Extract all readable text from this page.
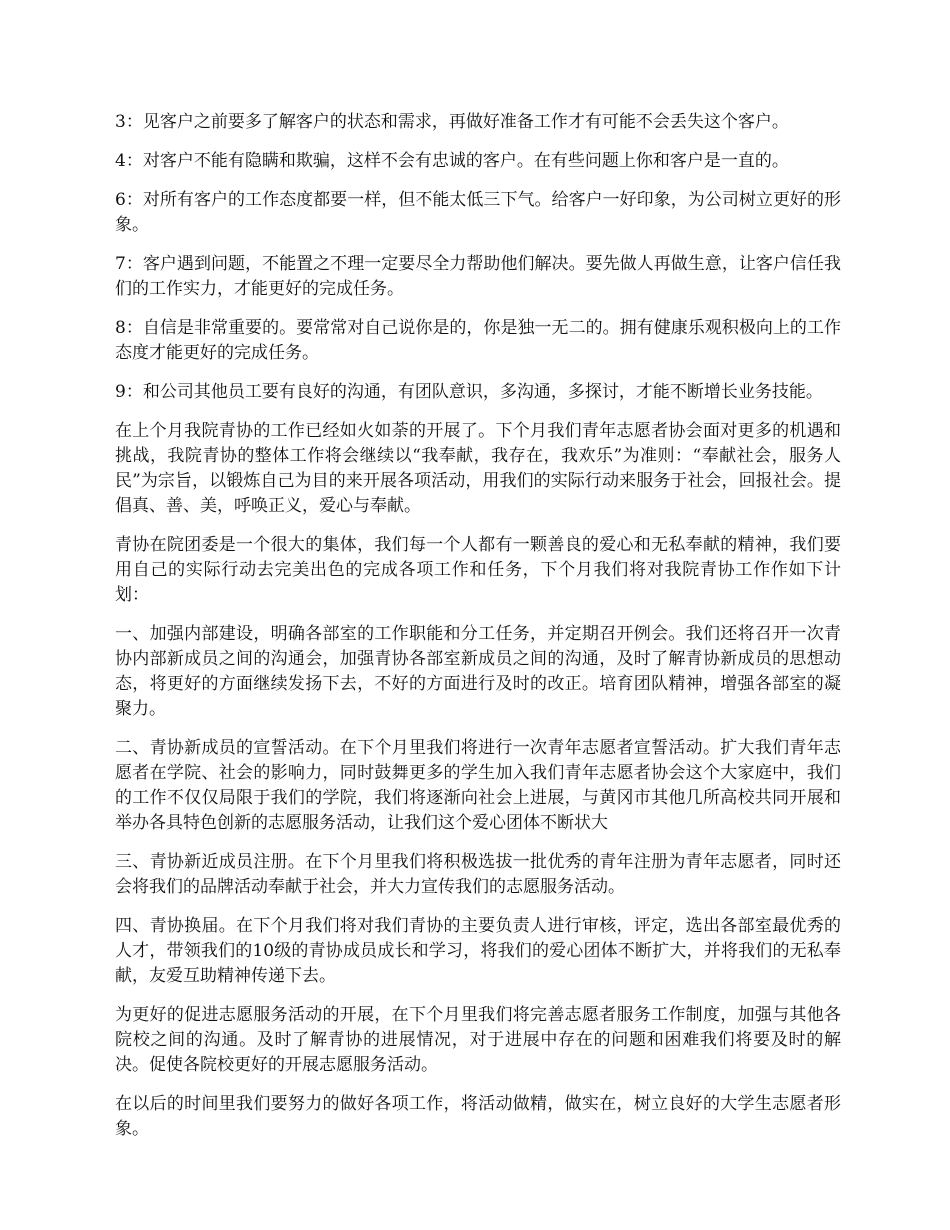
3：见客户之前要多了解客户的状态和需求，再做好准备工作才有可能不会丢失这个客户。

4：对客户不能有隐瞒和欺骗，这样不会有忠诚的客户。在有些问题上你和客户是一直的。

6：对所有客户的工作态度都要一样，但不能太低三下气。给客户一好印象，为公司树立更好的形象。

7：客户遇到问题，不能置之不理一定要尽全力帮助他们解决。要先做人再做生意，让客户信任我们的工作实力，才能更好的完成任务。

8：自信是非常重要的。要常常对自己说你是的，你是独一无二的。拥有健康乐观积极向上的工作态度才能更好的完成任务。

9：和公司其他员工要有良好的沟通，有团队意识，多沟通，多探讨，才能不断增长业务技能。

在上个月我院青协的工作已经如火如荼的开展了。下个月我们青年志愿者协会面对更多的机遇和挑战，我院青协的整体工作将会继续以“我奉献，我存在，我欢乐”为准则：“奉献社会，服务人民”为宗旨，以锻炼自己为目的来开展各项活动，用我们的实际行动来服务于社会，回报社会。提倡真、善、美，呼唤正义，爱心与奉献。

青协在院团委是一个很大的集体，我们每一个人都有一颗善良的爱心和无私奉献的精神，我们要用自己的实际行动去完美出色的完成各项工作和任务，下个月我们将对我院青协工作作如下计划：

一、加强内部建设，明确各部室的工作职能和分工任务，并定期召开例会。我们还将召开一次青协内部新成员之间的沟通会，加强青协各部室新成员之间的沟通，及时了解青协新成员的思想动态，将更好的方面继续发扬下去，不好的方面进行及时的改正。培育团队精神，增强各部室的凝聚力。

二、青协新成员的宣誓活动。在下个月里我们将进行一次青年志愿者宣誓活动。扩大我们青年志愿者在学院、社会的影响力，同时鼓舞更多的学生加入我们青年志愿者协会这个大家庭中，我们的工作不仅仅局限于我们的学院，我们将逐渐向社会上进展，与黄冈市其他几所高校共同开展和举办各具特色创新的志愿服务活动，让我们这个爱心团体不断状大

三、青协新近成员注册。在下个月里我们将积极选拔一批优秀的青年注册为青年志愿者，同时还会将我们的品牌活动奉献于社会，并大力宣传我们的志愿服务活动。

四、青协换届。在下个月我们将对我们青协的主要负责人进行审核，评定，选出各部室最优秀的人才，带领我们的10级的青协成员成长和学习，将我们的爱心团体不断扩大，并将我们的无私奉献，友爱互助精神传递下去。

为更好的促进志愿服务活动的开展，在下个月里我们将完善志愿者服务工作制度，加强与其他各院校之间的沟通。及时了解青协的进展情况，对于进展中存在的问题和困难我们将要及时的解决。促使各院校更好的开展志愿服务活动。

在以后的时间里我们要努力的做好各项工作，将活动做精，做实在，树立良好的大学生志愿者形象。
